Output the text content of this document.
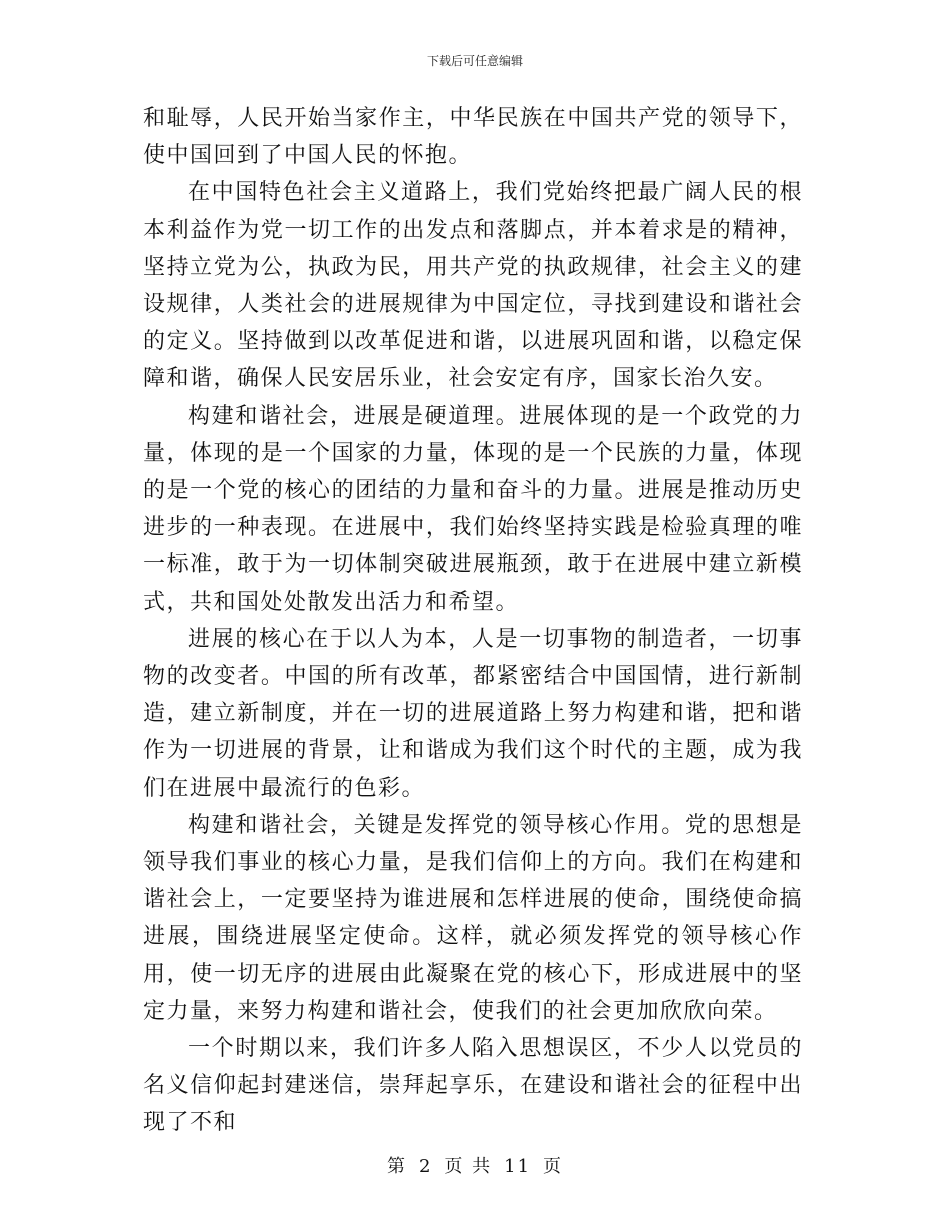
下载后可任意编辑

和耻辱，人民开始当家作主，中华民族在中国共产党的领导下，使中国回到了中国人民的怀抱。

在中国特色社会主义道路上，我们党始终把最广阔人民的根本利益作为党一切工作的出发点和落脚点，并本着求是的精神，坚持立党为公，执政为民，用共产党的执政规律，社会主义的建设规律，人类社会的进展规律为中国定位，寻找到建设和谐社会的定义。坚持做到以改革促进和谐，以进展巩固和谐，以稳定保障和谐，确保人民安居乐业，社会安定有序，国家长治久安。

构建和谐社会，进展是硬道理。进展体现的是一个政党的力量，体现的是一个国家的力量，体现的是一个民族的力量，体现的是一个党的核心的团结的力量和奋斗的力量。进展是推动历史进步的一种表现。在进展中，我们始终坚持实践是检验真理的唯一标准，敢于为一切体制突破进展瓶颈，敢于在进展中建立新模式，共和国处处散发出活力和希望。

进展的核心在于以人为本，人是一切事物的制造者，一切事物的改变者。中国的所有改革，都紧密结合中国国情，进行新制造，建立新制度，并在一切的进展道路上努力构建和谐，把和谐作为一切进展的背景，让和谐成为我们这个时代的主题，成为我们在进展中最流行的色彩。

构建和谐社会，关键是发挥党的领导核心作用。党的思想是领导我们事业的核心力量，是我们信仰上的方向。我们在构建和谐社会上，一定要坚持为谁进展和怎样进展的使命，围绕使命搞进展，围绕进展坚定使命。这样，就必须发挥党的领导核心作用，使一切无序的进展由此凝聚在党的核心下，形成进展中的坚定力量，来努力构建和谐社会，使我们的社会更加欣欣向荣。

一个时期以来，我们许多人陷入思想误区，不少人以党员的名义信仰起封建迷信，崇拜起享乐，在建设和谐社会的征程中出现了不和

第 2 页 共 11 页
